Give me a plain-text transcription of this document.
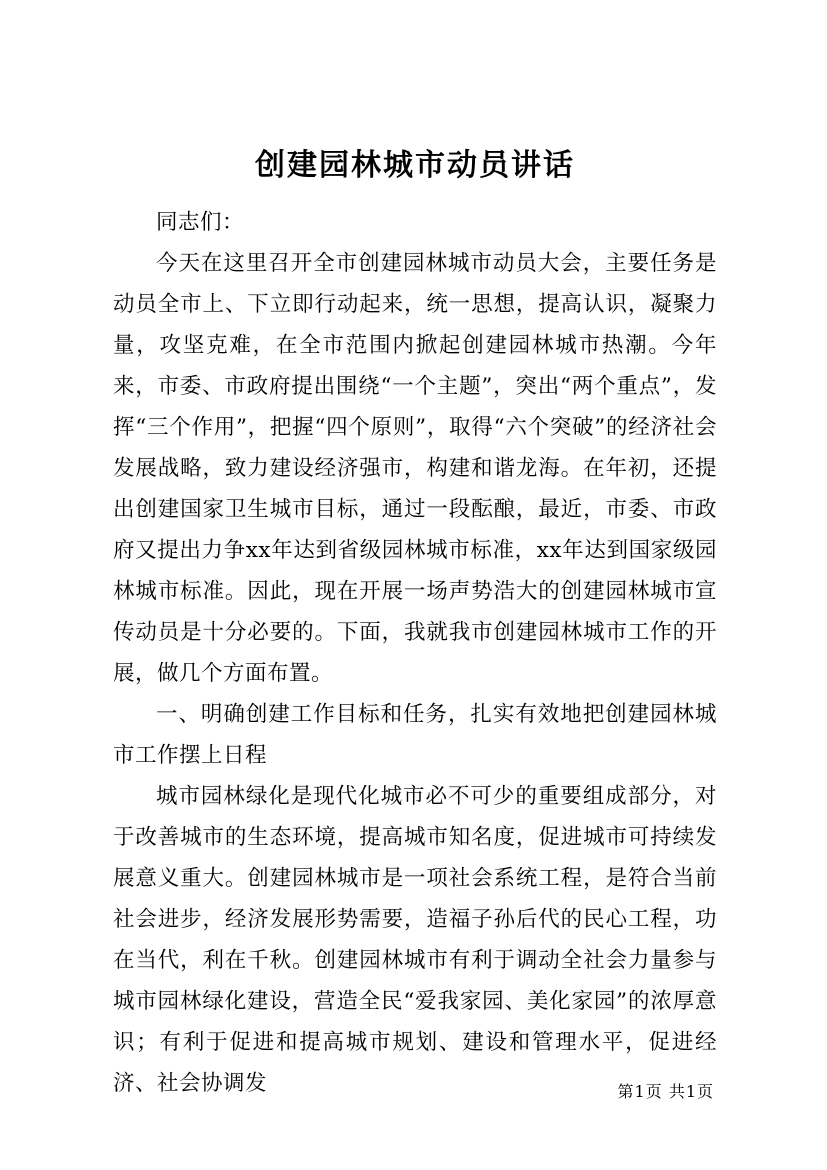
创建园林城市动员讲话

同志们：

今天在这里召开全市创建园林城市动员大会，主要任务是动员全市上、下立即行动起来，统一思想，提高认识，凝聚力量，攻坚克难，在全市范围内掀起创建园林城市热潮。今年来，市委、市政府提出围绕“一个主题”，突出“两个重点”，发挥“三个作用”，把握“四个原则”，取得“六个突破”的经济社会发展战略，致力建设经济强市，构建和谐龙海。在年初，还提出创建国家卫生城市目标，通过一段酝酿，最近，市委、市政府又提出力争xx年达到省级园林城市标准，xx年达到国家级园林城市标准。因此，现在开展一场声势浩大的创建园林城市宣传动员是十分必要的。下面，我就我市创建园林城市工作的开展，做几个方面布置。

一、明确创建工作目标和任务，扎实有效地把创建园林城市工作摆上日程

城市园林绿化是现代化城市必不可少的重要组成部分，对于改善城市的生态环境，提高城市知名度，促进城市可持续发展意义重大。创建园林城市是一项社会系统工程，是符合当前社会进步，经济发展形势需要，造福子孙后代的民心工程，功在当代，利在千秋。创建园林城市有利于调动全社会力量参与城市园林绿化建设，营造全民“爱我家园、美化家园”的浓厚意识；有利于促进和提高城市规划、建设和管理水平，促进经济、社会协调发	第1页 共1页
